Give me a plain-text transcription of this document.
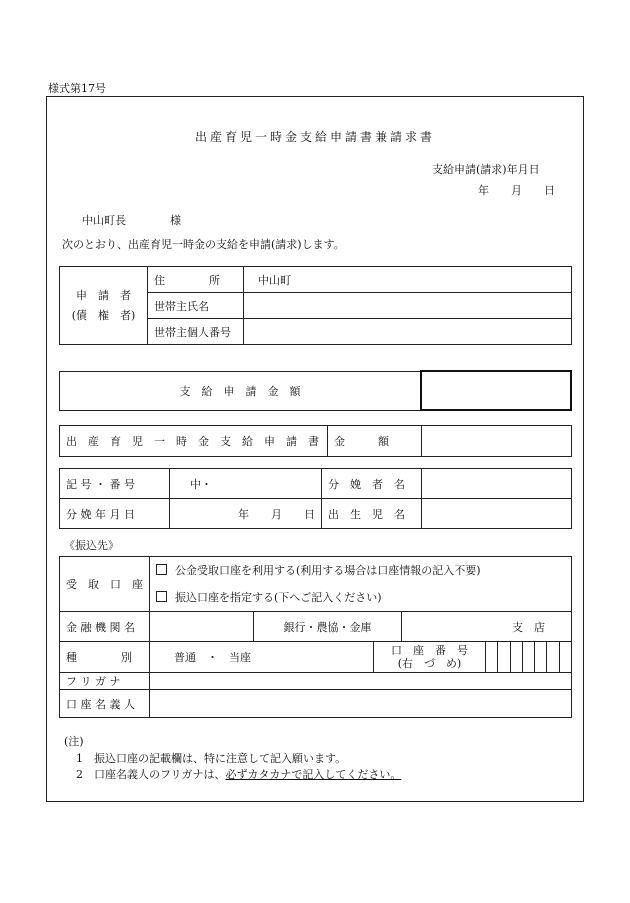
様式第17号
出産育児一時金支給申請書兼請求書
支給申請(請求)年月日
年　　月　　日
中山町長	様
次のとおり、出産育児一時金の支給を申請(請求)します。
申　請　者
(債　権　者)	住　　　　所	中山町
	世帯主氏名	
	世帯主個人番号	
支　給　申　請　金　額	
出　産　育　児　一　時　金　支　給　申　請　書	金　　　額	
記 号 ・ 番 号	中・	分　娩　者　名	
分 娩 年 月 日	年　　月　　日	出　生　児　名	
《振込先》
受　取　口　座	公金受取口座を利用する(利用する場合は口座情報の記入不要)
振込口座を指定する(下へご記入ください)				

金 融 機 関 名		銀行・農協・金庫		支　店	
種　　　　別	普通　・　当座		口　座　番　号
(右　づ　め)		

フ リ ガ ナ					
口 座 名 義 人					
(注)
1　 振込口座の記載欄は、特に注意して記入願います。
2　 口座名義人のフリガナは、必ずカタカナで記入してください。
